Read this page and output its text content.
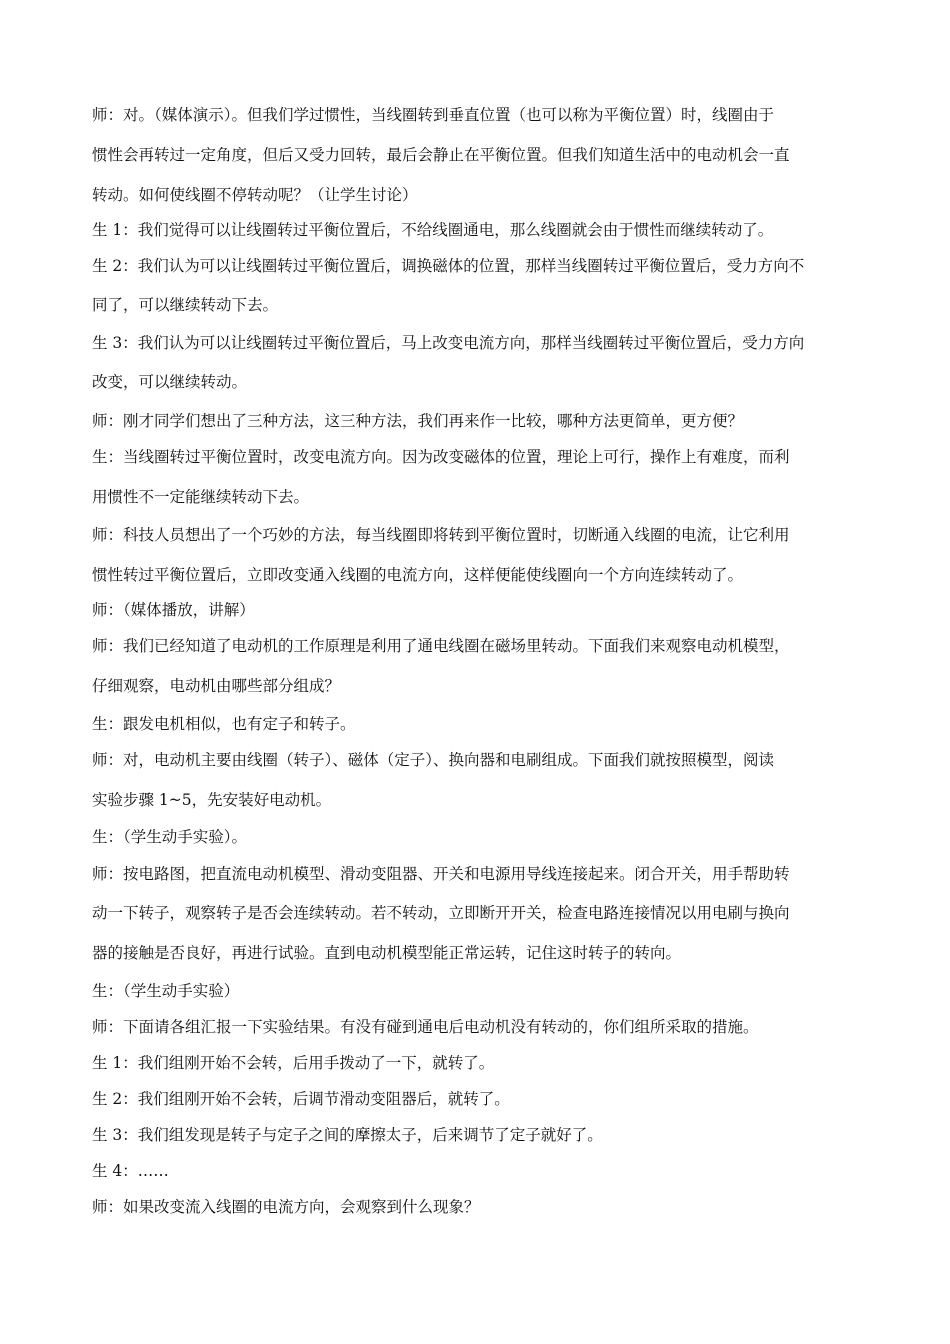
师：对。（媒体演示）。但我们学过惯性，当线圈转到垂直位置（也可以称为平衡位置）时，线圈由于
惯性会再转过一定角度，但后又受力回转，最后会静止在平衡位置。但我们知道生活中的电动机会一直
转动。如何使线圈不停转动呢？（让学生讨论）
生 1：我们觉得可以让线圈转过平衡位置后，不给线圈通电，那么线圈就会由于惯性而继续转动了。
生 2：我们认为可以让线圈转过平衡位置后，调换磁体的位置，那样当线圈转过平衡位置后，受力方向不
同了，可以继续转动下去。
生 3：我们认为可以让线圈转过平衡位置后，马上改变电流方向，那样当线圈转过平衡位置后，受力方向
改变，可以继续转动。
师：刚才同学们想出了三种方法，这三种方法，我们再来作一比较，哪种方法更简单，更方便？
生：当线圈转过平衡位置时，改变电流方向。因为改变磁体的位置，理论上可行，操作上有难度，而利
用惯性不一定能继续转动下去。
师：科技人员想出了一个巧妙的方法，每当线圈即将转到平衡位置时，切断通入线圈的电流，让它利用
惯性转过平衡位置后，立即改变通入线圈的电流方向，这样便能使线圈向一个方向连续转动了。
师：（媒体播放，讲解）
师：我们已经知道了电动机的工作原理是利用了通电线圈在磁场里转动。下面我们来观察电动机模型，
仔细观察，电动机由哪些部分组成？
生：跟发电机相似，也有定子和转子。
师：对，电动机主要由线圈（转子）、磁体（定子）、换向器和电刷组成。下面我们就按照模型，阅读
实验步骤 1~5，先安装好电动机。
生：（学生动手实验）。
师：按电路图，把直流电动机模型、滑动变阻器、开关和电源用导线连接起来。闭合开关，用手帮助转
动一下转子，观察转子是否会连续转动。若不转动，立即断开开关，检查电路连接情况以用电刷与换向
器的接触是否良好，再进行试验。直到电动机模型能正常运转，记住这时转子的转向。
生：（学生动手实验）
师：下面请各组汇报一下实验结果。有没有碰到通电后电动机没有转动的，你们组所采取的措施。
生 1：我们组刚开始不会转，后用手拨动了一下，就转了。
生 2：我们组刚开始不会转，后调节滑动变阻器后，就转了。
生 3：我们组发现是转子与定子之间的摩擦太子，后来调节了定子就好了。
生 4：……
师：如果改变流入线圈的电流方向，会观察到什么现象？
